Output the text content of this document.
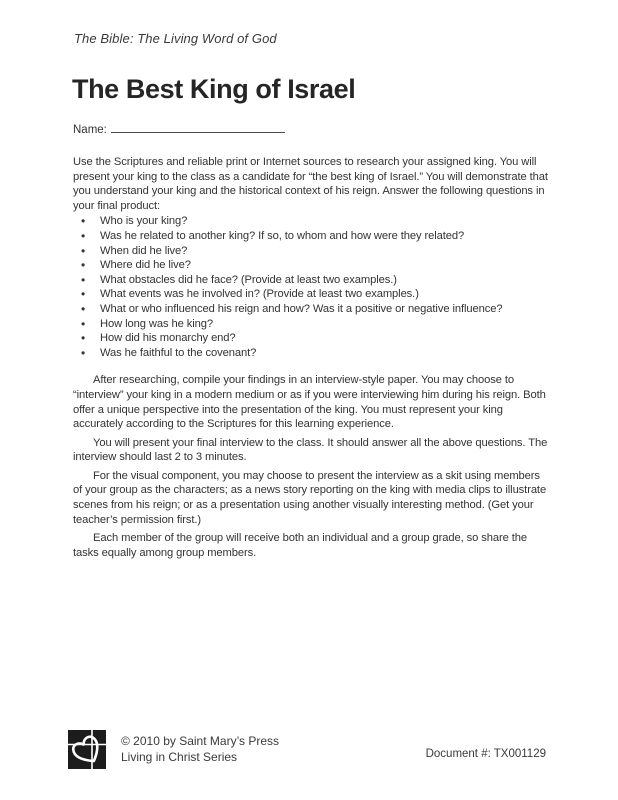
The Bible: The Living Word of God
The Best King of Israel
Name:
Use the Scriptures and reliable print or Internet sources to research your assigned king. You will present your king to the class as a candidate for “the best king of Israel.” You will demonstrate that you understand your king and the historical context of his reign. Answer the following questions in your final product:
• Who is your king?
• Was he related to another king? If so, to whom and how were they related?
• When did he live?
• Where did he live?
• What obstacles did he face? (Provide at least two examples.)
• What events was he involved in? (Provide at least two examples.)
• What or who influenced his reign and how? Was it a positive or negative influence?
• How long was he king?
• How did his monarchy end?
• Was he faithful to the covenant?

After researching, compile your findings in an interview-style paper. You may choose to “interview” your king in a modern medium or as if you were interviewing him during his reign. Both offer a unique perspective into the presentation of the king. You must represent your king accurately according to the Scriptures for this learning experience.

You will present your final interview to the class. It should answer all the above questions. The interview should last 2 to 3 minutes.

For the visual component, you may choose to present the interview as a skit using members of your group as the characters; as a news story reporting on the king with media clips to illustrate scenes from his reign; or as a presentation using another visually interesting method. (Get your teacher’s permission first.)

Each member of the group will receive both an individual and a group grade, so share the tasks equally among group members.

© 2010 by Saint Mary’s Press
Living in Christ Series	Document #: TX001129
